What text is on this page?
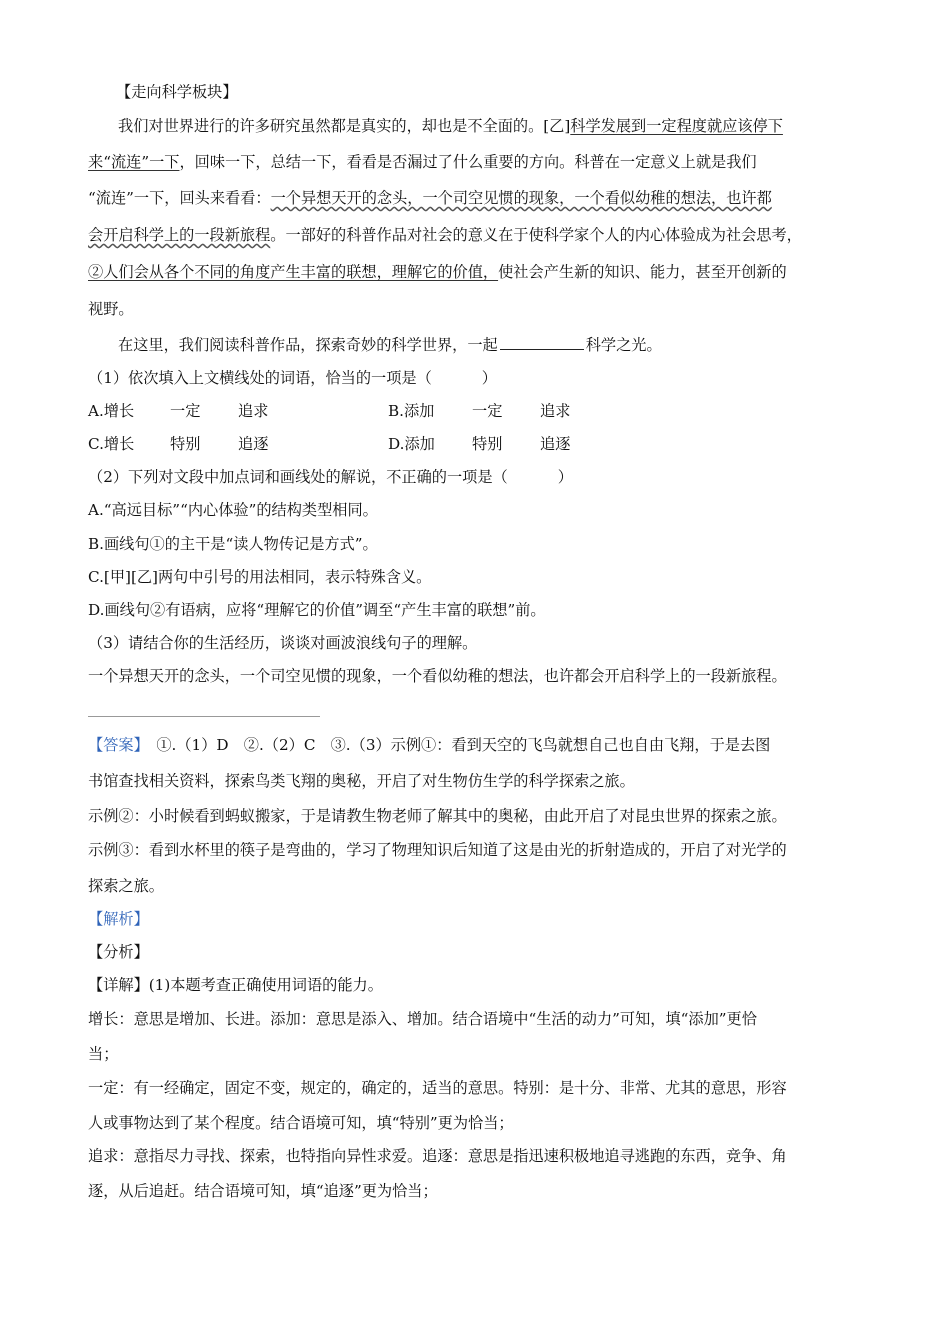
【走向科学板块】
我们对世界进行的许多研究虽然都是真实的，却也是不全面的。[乙]科学发展到一定程度就应该停下
来“流连”一下，回味一下，总结一下，看看是否漏过了什么重要的方向。科普在一定意义上就是我们
“流连”一下，回头来看看：一个异想天开的念头，一个司空见惯的现象，一个看似幼稚的想法，也许都
会开启科学上的一段新旅程。一部好的科普作品对社会的意义在于使科学家个人的内心体验成为社会思考，
②人们会从各个不同的角度产生丰富的联想，理解它的价值，使社会产生新的知识、能力，甚至开创新的
视野。
在这里，我们阅读科普作品，探索奇妙的科学世界，一起	科学之光。
（1）依次填入上文横线处的词语，恰当的一项是（	）
A.增长 一定 追求	B.添加 一定 追求
C.增长 特别 追逐	D.添加 特别 追逐
（2）下列对文段中加点词和画线处的解说，不正确的一项是（	）
A.“高远目标”“内心体验”的结构类型相同。
B.画线句①的主干是“读人物传记是方式”。
C.[甲][乙]两句中引号的用法相同，表示特殊含义。
D.画线句②有语病，应将“理解它的价值”调至“产生丰富的联想”前。
（3）请结合你的生活经历，谈谈对画波浪线句子的理解。
一个异想天开的念头，一个司空见惯的现象，一个看似幼稚的想法，也许都会开启科学上的一段新旅程。
【答案】　 ①.（1）D　②.（2）C　③.（3）示例①：看到天空的飞鸟就想自己也自由飞翔，于是去图
书馆查找相关资料，探索鸟类飞翔的奥秘，开启了对生物仿生学的科学探索之旅。
示例②：小时候看到蚂蚁搬家，于是请教生物老师了解其中的奥秘，由此开启了对昆虫世界的探索之旅。
示例③：看到水杯里的筷子是弯曲的，学习了物理知识后知道了这是由光的折射造成的，开启了对光学的
探索之旅。
【解析】
【分析】
【详解】(1)本题考查正确使用词语的能力。
增长：意思是增加、长进。添加：意思是添入、增加。结合语境中“生活的动力”可知，填“添加”更恰
当；
一定：有一经确定，固定不变，规定的，确定的，适当的意思。特别：是十分、非常、尤其的意思，形容
人或事物达到了某个程度。结合语境可知，填“特别”更为恰当；
追求：意指尽力寻找、探索，也特指向异性求爱。追逐：意思是指迅速积极地追寻逃跑的东西，竞争、角
逐，从后追赶。结合语境可知，填“追逐”更为恰当；
